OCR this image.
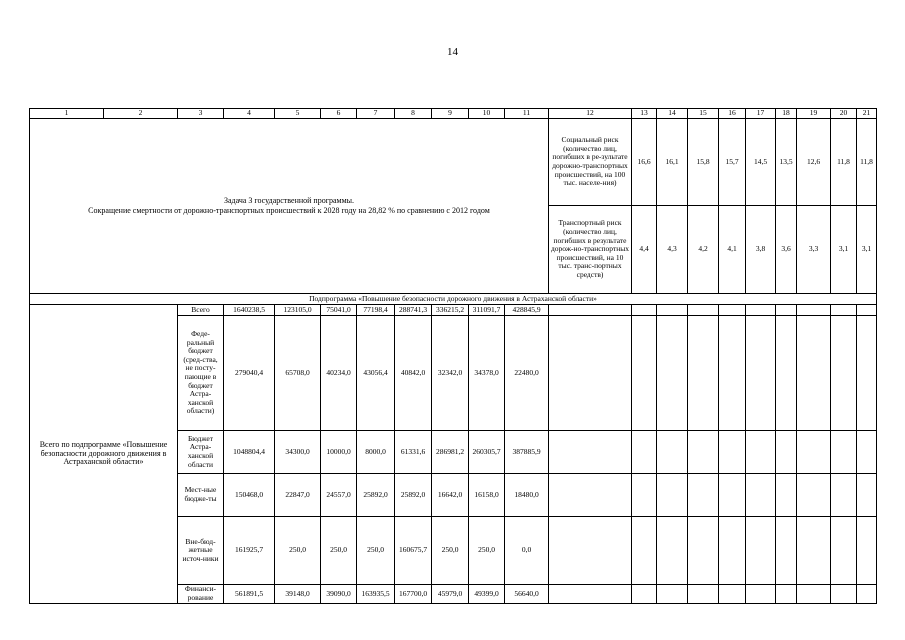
14
1	2	3	4	5	6	7	8	9	10	11	12	13	14	15	16	17	18	19	20	21

Задача 3 государственной программы.
Сокращение смертности от дорожно-транспортных происшествий к 2028 году на 28,82 % по сравнению с 2012 годом											Социальный риск (количество лиц, погибших в ре-зультате дорожно-транспортных происшествий, на 100 тыс. населе-ния)	16,6	16,1	15,8	15,7	14,5	13,5	12,6	11,8	11,8
											Транспортный риск (количество лиц, погибших в результате дорож-но-транспортных происшествий, на 10 тыс. транс-портных средств)	4,4	4,3	4,2	4,1	3,8	3,6	3,3	3,1	3,1
Подпрограмма «Повышение безопасности дорожного движения в Астраханской области»																				
Всего по подпрограмме «Повышение безопасности дорожного движения в Астраханской области»		Всего	1640238,5	123105,0	75041,0	77198,4	288741,3	336215,2	311091,7	428845,9										
		Феде-ральный бюджет (сред-ства, не посту-пающие в бюджет Астра-ханской области)	279040,4	65708,0	40234,0	43056,4	40842,0	32342,0	34378,0	22480,0										
		Бюджет Астра-ханской области	1048804,4	34300,0	10000,0	8000,0	61331,6	286981,2	260305,7	387885,9										
		Мест-ные бюдже-ты	150468,0	22847,0	24557,0	25892,0	25892,0	16642,0	16158,0	18480,0										
		Вне-бюд-жетные источ-ники	161925,7	250,0	250,0	250,0	160675,7	250,0	250,0	0,0										
		Финанси-рование	561891,5	39148,0	39090,0	163935,5	167700,0	45979,0	49399,0	56640,0										
